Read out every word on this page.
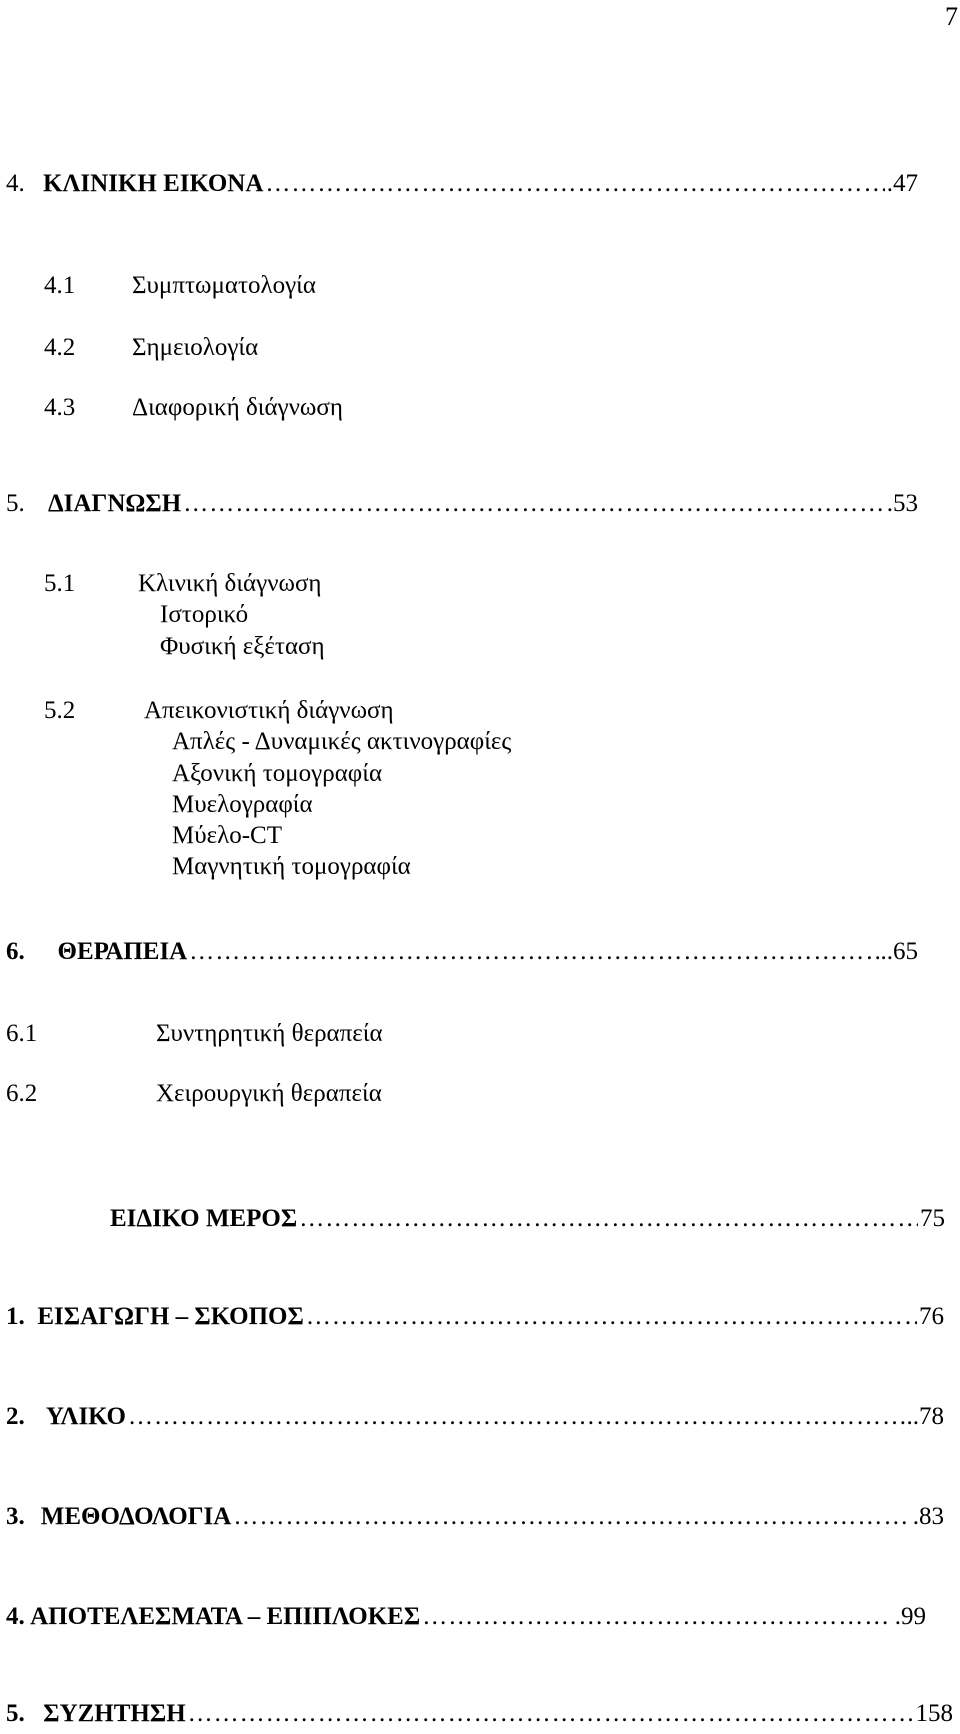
7
4. ΚΛΙΝΙΚΗ ΕΙΚΟΝΑ ………………………………………………………………………………………………………………………………………………………………………………………………	. 47
4.1 Συμπτωματολογία
4.2 Σημειολογία
4.3 Διαφορική διάγνωση
5. ΔΙΑΓΝΩΣΗ ………………………………………………………………………………………………………………………………………………………………………………………………	. 53
5.1	Κλινική διάγνωση
Ιστορικό
Φυσική εξέταση
5.2	Απεικονιστική διάγνωση
Απλές - Δυναμικές ακτινογραφίες
Αξονική τομογραφία
Μυελογραφία
Μύελο-CT
Μαγνητική τομογραφία
6.	ΘΕΡΑΠΕΙΑ ………………………………………………………………………………………………………………………………………………………………………………………………	.. 65
6.1	Συντηρητική θεραπεία
6.2	Χειρουργική θεραπεία
ΕΙΔΙΚΟ ΜΕΡΟΣ ………………………………………………………………………………………………………………………………………………………………………………………………	75
1. ΕΙΣΑΓΩΓΗ – ΣΚΟΠΟΣ ………………………………………………………………………………………………………………………………………………………………………………………………	76
2. ΥΛΙΚΟ ………………………………………………………………………………………………………………………………………………………………………………………………	.. 78
3. ΜΕΘΟΔΟΛΟΓΙΑ ………………………………………………………………………………………………………………………………………………………………………………………………	. 83
4. ΑΠΟΤΕΛΕΣΜΑΤΑ – ΕΠΙΠΛΟΚΕΣ ………………………………………………………………………………………………………………………………………………………………………………………………	. 99
5. ΣΥΖΗΤΗΣΗ ………………………………………………………………………………………………………………………………………………………………………………………………	158
